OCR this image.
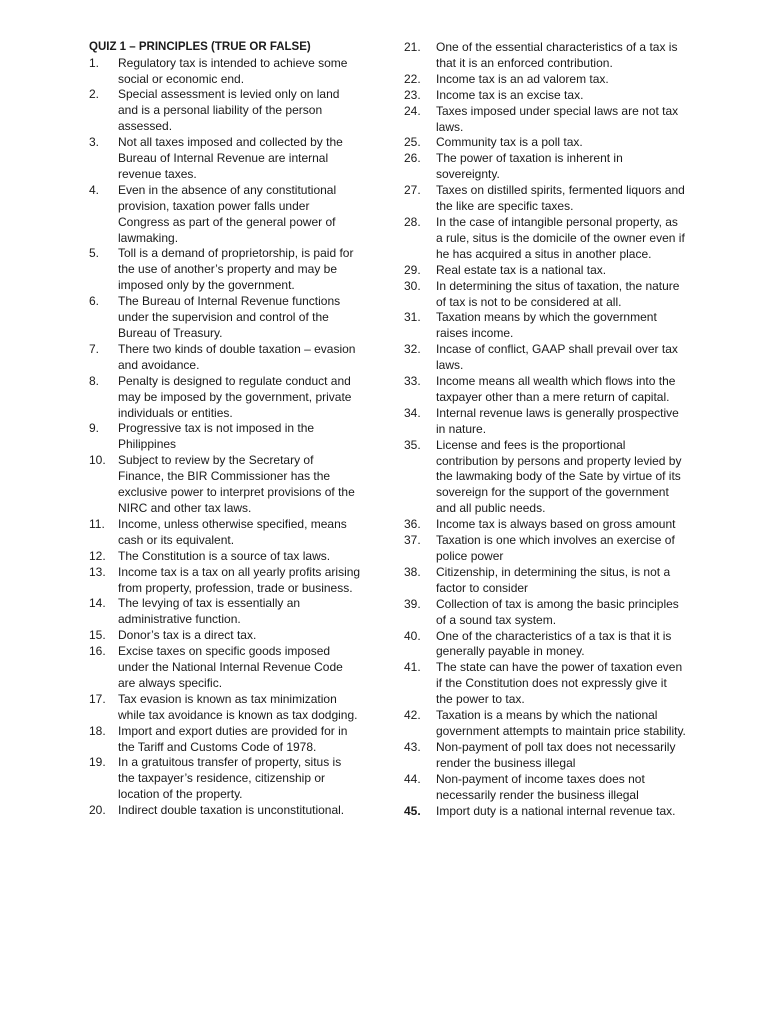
QUIZ 1 – PRINCIPLES (TRUE OR FALSE)
1. Regulatory tax is intended to achieve some social or economic end.
2. Special assessment is levied only on land and is a personal liability of the person assessed.
3. Not all taxes imposed and collected by the Bureau of Internal Revenue are internal revenue taxes.
4. Even in the absence of any constitutional provision, taxation power falls under Congress as part of the general power of lawmaking.
5. Toll is a demand of proprietorship, is paid for the use of another’s property and may be imposed only by the government.
6. The Bureau of Internal Revenue functions under the supervision and control of the Bureau of Treasury.
7. There two kinds of double taxation – evasion and avoidance.
8. Penalty is designed to regulate conduct and may be imposed by the government, private individuals or entities.
9. Progressive tax is not imposed in the Philippines
10. Subject to review by the Secretary of Finance, the BIR Commissioner has the exclusive power to interpret provisions of the NIRC and other tax laws.
11. Income, unless otherwise specified, means cash or its equivalent.
12. The Constitution is a source of tax laws.
13. Income tax is a tax on all yearly profits arising from property, profession, trade or business.
14. The levying of tax is essentially an administrative function.
15. Donor’s tax is a direct tax.
16. Excise taxes on specific goods imposed under the National Internal Revenue Code are always specific.
17. Tax evasion is known as tax minimization while tax avoidance is known as tax dodging.
18. Import and export duties are provided for in the Tariff and Customs Code of 1978.
19. In a gratuitous transfer of property, situs is the taxpayer’s residence, citizenship or location of the property.
20. Indirect double taxation is unconstitutional.
21. One of the essential characteristics of a tax is that it is an enforced contribution.
22. Income tax is an ad valorem tax.
23. Income tax is an excise tax.
24. Taxes imposed under special laws are not tax laws.
25. Community tax is a poll tax.
26. The power of taxation is inherent in sovereignty.
27. Taxes on distilled spirits, fermented liquors and the like are specific taxes.
28. In the case of intangible personal property, as a rule, situs is the domicile of the owner even if he has acquired a situs in another place.
29. Real estate tax is a national tax.
30. In determining the situs of taxation, the nature of tax is not to be considered at all.
31. Taxation means by which the government raises income.
32. Incase of conflict, GAAP shall prevail over tax laws.
33. Income means all wealth which flows into the taxpayer other than a mere return of capital.
34. Internal revenue laws is generally prospective in nature.
35. License and fees is the proportional contribution by persons and property levied by the lawmaking body of the Sate by virtue of its sovereign for the support of the government and all public needs.
36. Income tax is always based on gross amount
37. Taxation is one which involves an exercise of police power
38. Citizenship, in determining the situs, is not a factor to consider
39. Collection of tax is among the basic principles of a sound tax system.
40. One of the characteristics of a tax is that it is generally payable in money.
41. The state can have the power of taxation even if the Constitution does not expressly give it the power to tax.
42. Taxation is a means by which the national government attempts to maintain price stability.
43. Non-payment of poll tax does not necessarily render the business illegal
44. Non-payment of income taxes does not necessarily render the business illegal
45. Import duty is a national internal revenue tax.
